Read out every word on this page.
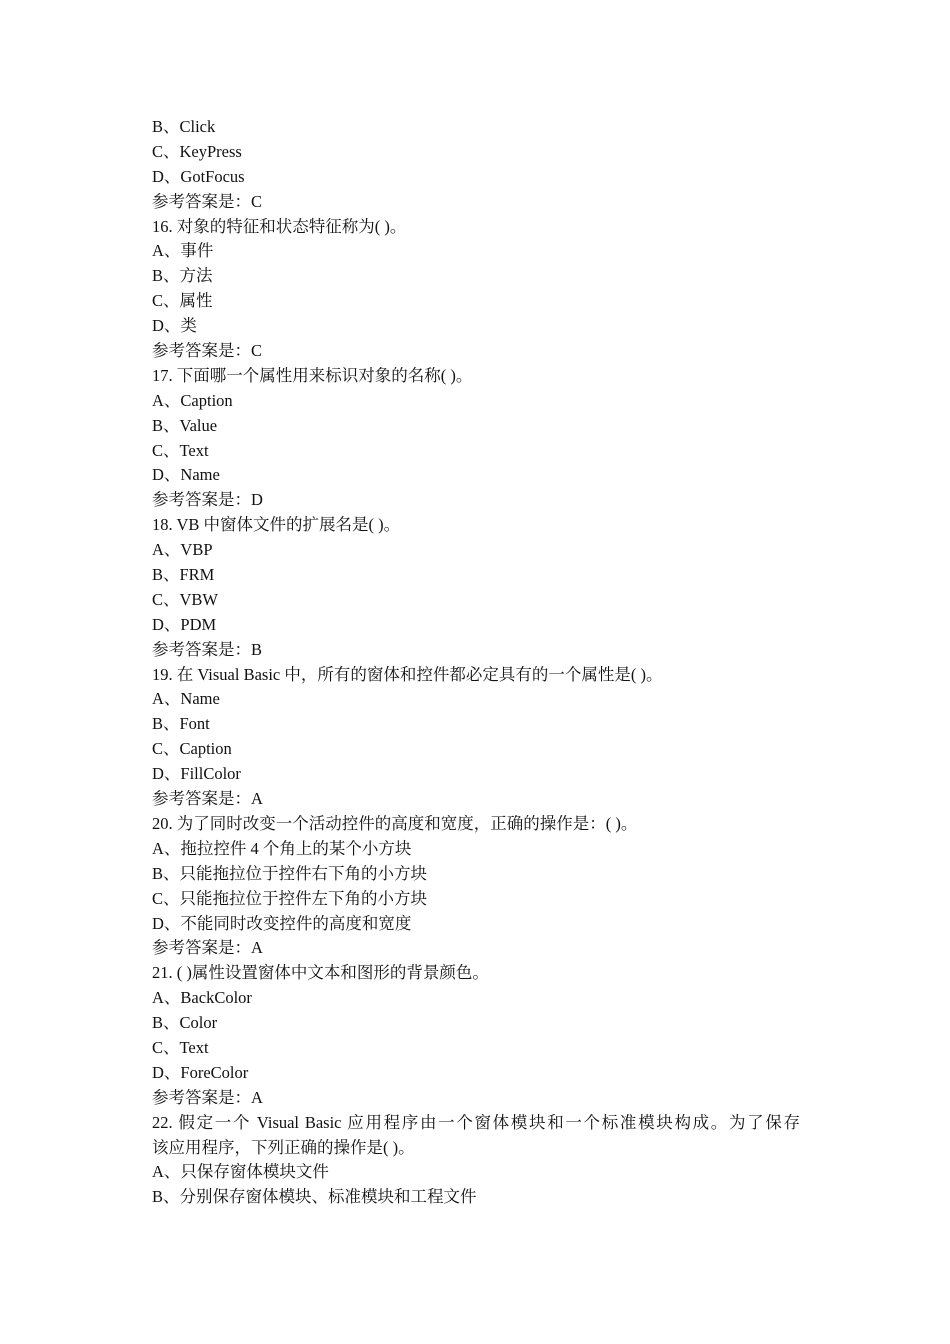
B、Click
C、KeyPress
D、GotFocus
参考答案是：C
16. 对象的特征和状态特征称为( )。
A、事件
B、方法
C、属性
D、类
参考答案是：C
17. 下面哪一个属性用来标识对象的名称( )。
A、Caption
B、Value
C、Text
D、Name
参考答案是：D
18. VB 中窗体文件的扩展名是( )。
A、VBP
B、FRM
C、VBW
D、PDM
参考答案是：B
19. 在 Visual Basic 中，所有的窗体和控件都必定具有的一个属性是( )。
A、Name
B、Font
C、Caption
D、FillColor
参考答案是：A
20. 为了同时改变一个活动控件的高度和宽度，正确的操作是：( )。
A、拖拉控件 4 个角上的某个小方块
B、只能拖拉位于控件右下角的小方块
C、只能拖拉位于控件左下角的小方块
D、不能同时改变控件的高度和宽度
参考答案是：A
21. ( )属性设置窗体中文本和图形的背景颜色。
A、BackColor
B、Color
C、Text
D、ForeColor
参考答案是：A
22. 假定一个 Visual Basic 应用程序由一个窗体模块和一个标准模块构成。为了保存
该应用程序，下列正确的操作是( )。
A、只保存窗体模块文件
B、分别保存窗体模块、标准模块和工程文件
